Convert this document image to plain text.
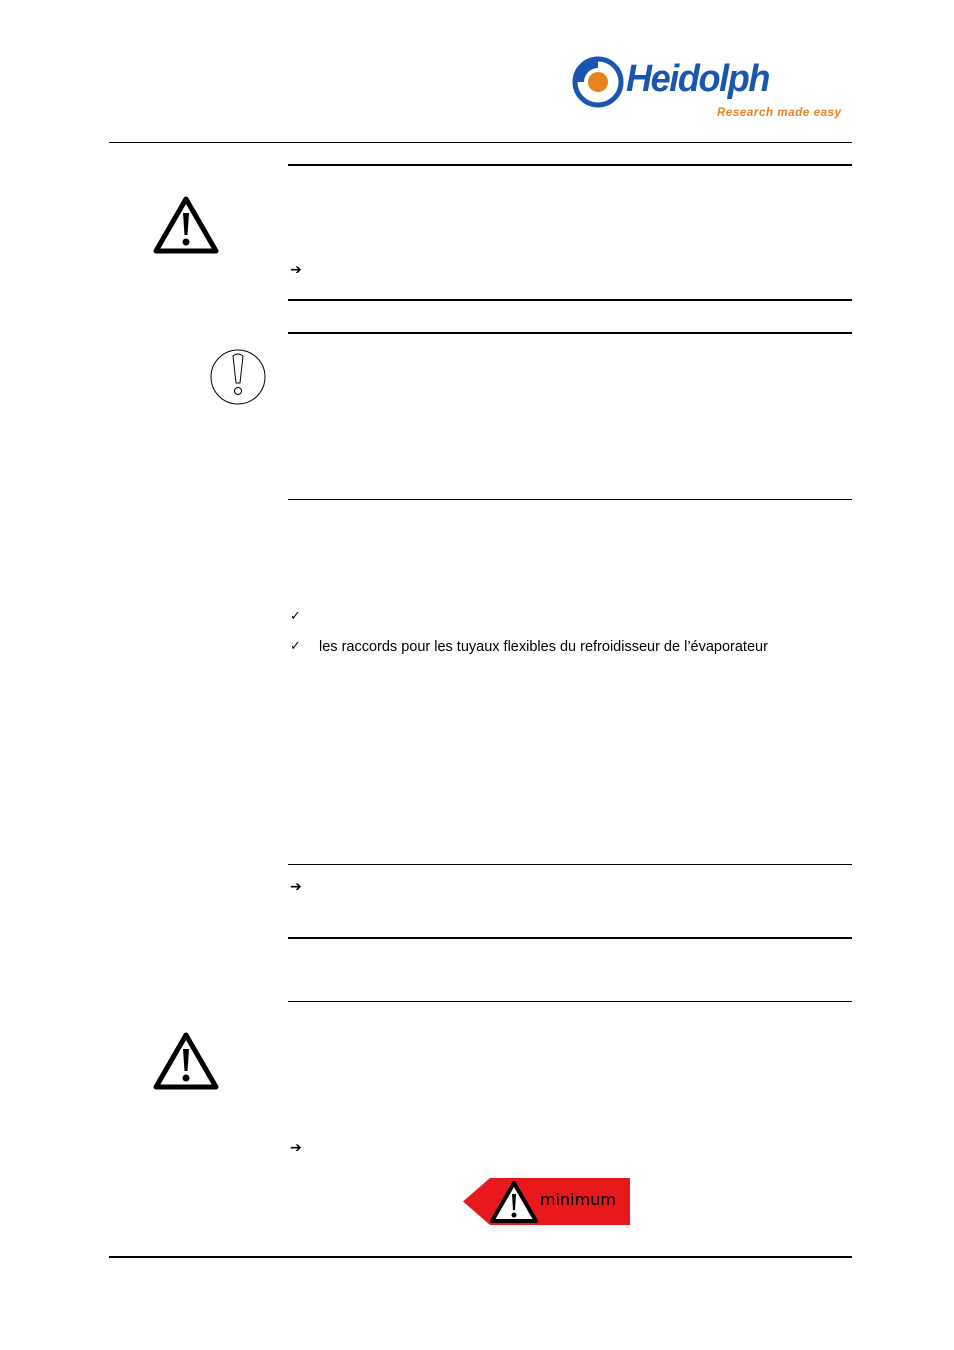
Heidolph
Research made easy
➔
✓
✓ les raccords pour les tuyaux flexibles du refroidisseur de l’évaporateur
➔
➔
minimum
